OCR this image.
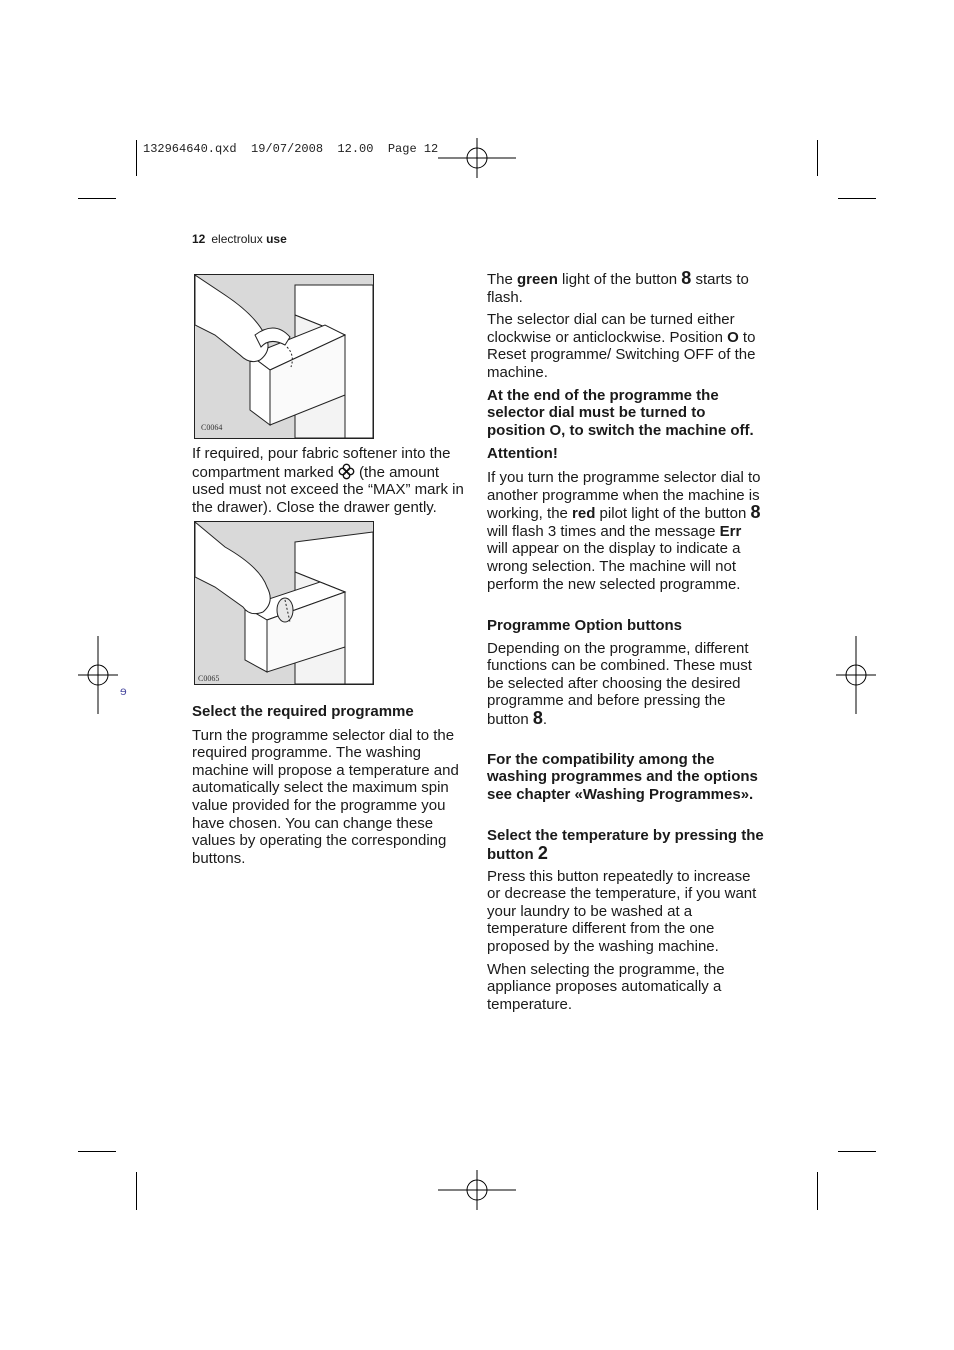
132964640.qxd  19/07/2008  12.00  Page 12
ɘ
12 electrolux use
C0064

If required, pour fabric softener into the compartment marked  (the amount used must not exceed the “MAX” mark in the drawer). Close the drawer gently.

C0065
Select the required programme

Turn the programme selector dial to the required programme. The washing machine will propose a temperature and automatically select the maximum spin value provided for the programme you have chosen. You can change these values by operating the corresponding buttons.

The green light of the button 8 starts to flash.

The selector dial can be turned either clockwise or anticlockwise. Position O to Reset programme/ Switching OFF of the machine.

At the end of the programme the selector dial must be turned to position O, to switch the machine off.
Attention!

If you turn the programme selector dial to another programme when the machine is working, the red pilot light of the button 8 will flash 3 times and the message Err will appear on the display to indicate a wrong selection. The machine will not perform the new selected programme.

Programme Option buttons

Depending on the programme, different functions can be combined. These must be selected after choosing the desired programme and before pressing the button 8.

For the compatibility among the washing programmes and the options see chapter «Washing Programmes».
Select the temperature by pressing the button 2

Press this button repeatedly to increase or decrease the temperature, if you want your laundry to be washed at a temperature different from the one proposed by the washing machine.

When selecting the programme, the appliance proposes automatically a temperature.
